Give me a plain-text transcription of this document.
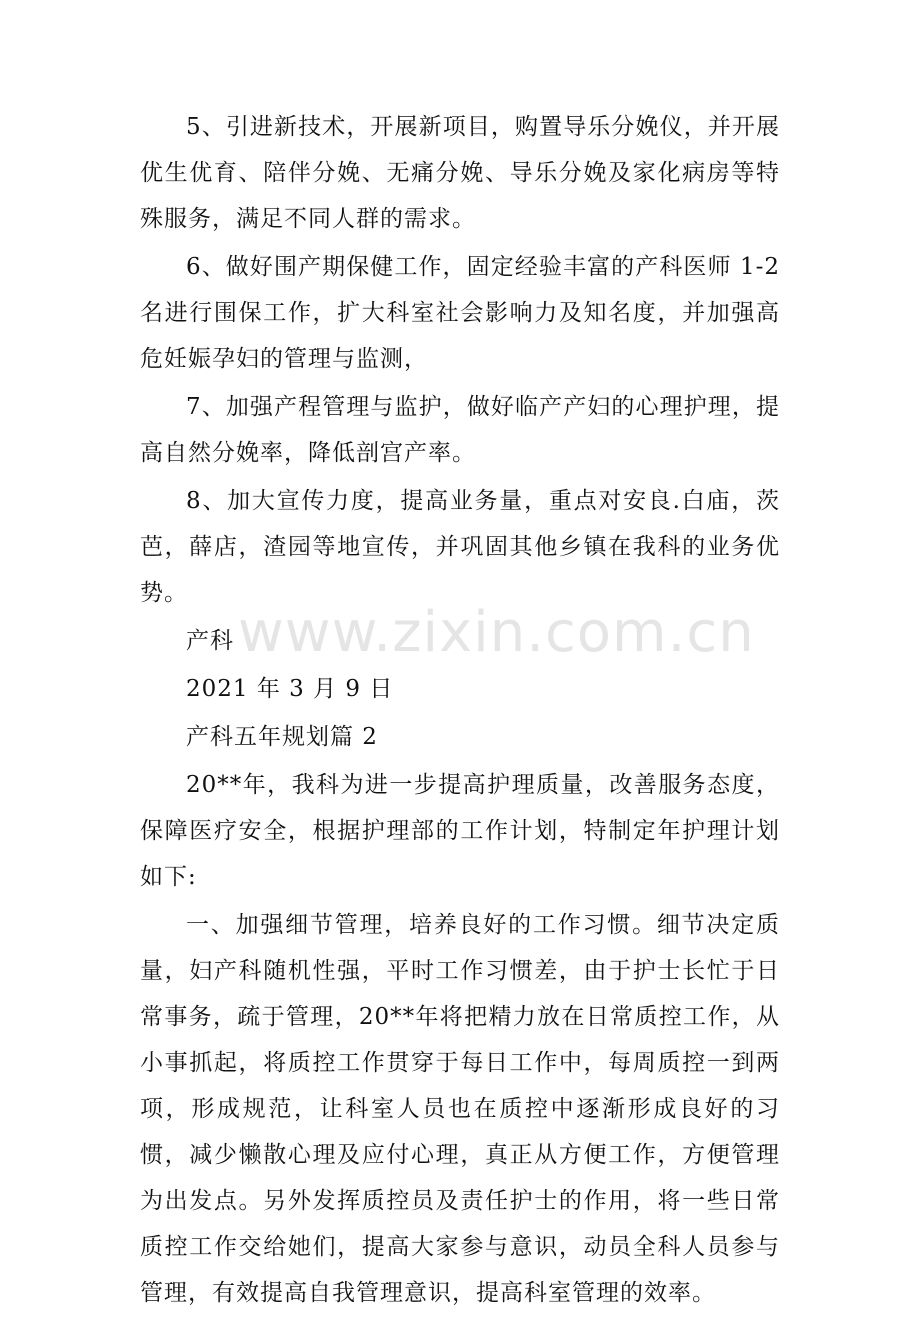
5、引进新技术，开展新项目，购置导乐分娩仪，并开展优生优育、陪伴分娩、无痛分娩、导乐分娩及家化病房等特殊服务，满足不同人群的需求。

6、做好围产期保健工作，固定经验丰富的产科医师 1-2 名进行围保工作，扩大科室社会影响力及知名度，并加强高危妊娠孕妇的管理与监测，

7、加强产程管理与监护，做好临产产妇的心理护理，提高自然分娩率，降低剖宫产率。

8、加大宣传力度，提高业务量，重点对安良.白庙，茨芭，薛店，渣园等地宣传，并巩固其他乡镇在我科的业务优势。

产科

2021 年 3 月 9 日

产科五年规划篇 2

20**年，我科为进一步提高护理质量，改善服务态度，保障医疗安全，根据护理部的工作计划，特制定年护理计划如下:

一、加强细节管理，培养良好的工作习惯。细节决定质量，妇产科随机性强，平时工作习惯差，由于护士长忙于日常事务，疏于管理，20**年将把精力放在日常质控工作，从小事抓起，将质控工作贯穿于每日工作中，每周质控一到两项，形成规范，让科室人员也在质控中逐渐形成良好的习惯，减少懒散心理及应付心理，真正从方便工作，方便管理为出发点。另外发挥质控员及责任护士的作用，将一些日常质控工作交给她们，提高大家参与意识，动员全科人员参与管理，有效提高自我管理意识，提高科室管理的效率。

www.zixin.com.cn
